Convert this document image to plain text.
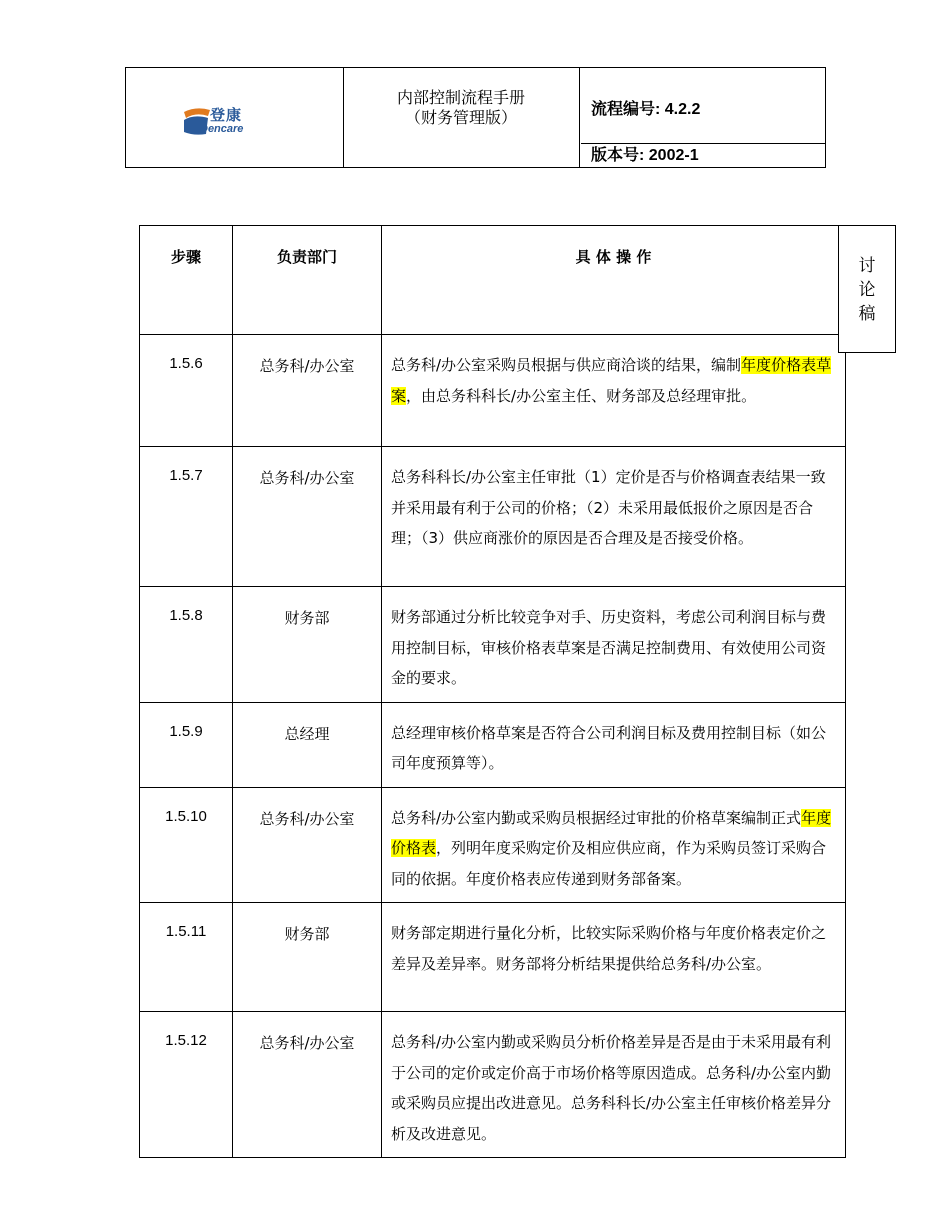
登康
Dencare
内部控制流程手册
（财务管理版）	流程编号: 4.2.2
版本号: 2002-1
讨
论
稿
步骤	负责部门	具 体 操 作
1.5.6	总务科/办公室	总务科/办公室采购员根据与供应商洽谈的结果，编制年度价格表草案，由总务科科长/办公室主任、财务部及总经理审批。
1.5.7	总务科/办公室	总务科科长/办公室主任审批（1）定价是否与价格调查表结果一致并采用最有利于公司的价格；（2）未采用最低报价之原因是否合理；（3）供应商涨价的原因是否合理及是否接受价格。
1.5.8	财务部	财务部通过分析比较竞争对手、历史资料，考虑公司利润目标与费用控制目标，审核价格表草案是否满足控制费用、有效使用公司资金的要求。
1.5.9	总经理	总经理审核价格草案是否符合公司利润目标及费用控制目标（如公司年度预算等）。
1.5.10	总务科/办公室	总务科/办公室内勤或采购员根据经过审批的价格草案编制正式年度价格表，列明年度采购定价及相应供应商，作为采购员签订采购合同的依据。年度价格表应传递到财务部备案。
1.5.11	财务部	财务部定期进行量化分析，比较实际采购价格与年度价格表定价之差异及差异率。财务部将分析结果提供给总务科/办公室。
1.5.12	总务科/办公室	总务科/办公室内勤或采购员分析价格差异是否是由于未采用最有利于公司的定价或定价高于市场价格等原因造成。总务科/办公室内勤或采购员应提出改进意见。总务科科长/办公室主任审核价格差异分析及改进意见。
